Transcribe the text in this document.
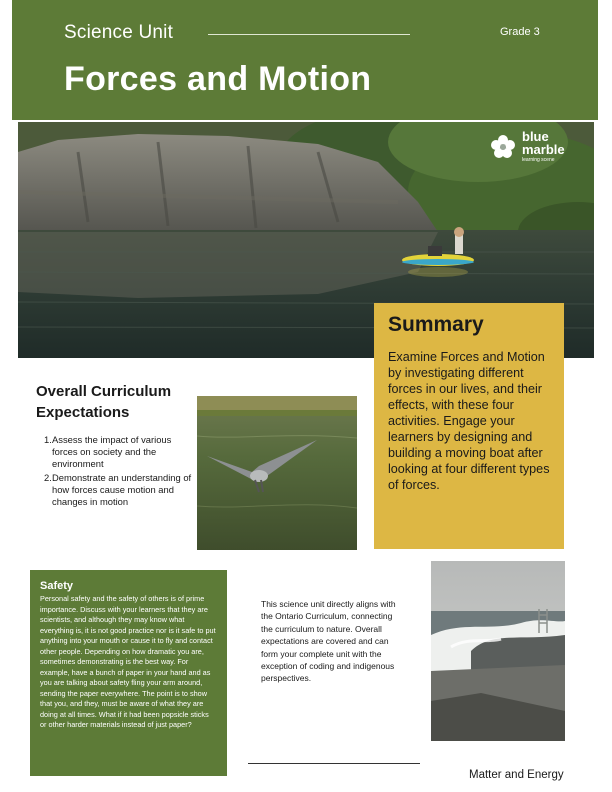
Science Unit	Grade 3
Forces and Motion
blue
marble
learning scene
Summary

Examine Forces and Motion by investigating different forces in our lives, and their effects, with these four activities. Engage your learners by designing and building a moving boat after looking at four different types of forces.

Overall Curriculum Expectations
1. Assess the impact of various forces on society and the environment
2. Demonstrate an understanding of how forces cause motion and changes in motion
Safety

Personal safety and the safety of others is of prime importance. Discuss with your learners that they are scientists, and although they may know what everything is, it is not good practice nor is it safe to put anything into your mouth or cause it to fly and contact other people. Depending on how dramatic you are, sometimes demonstrating is the best way. For example, have a bunch of paper in your hand and as you are talking about safety fling your arm around, sending the paper everywhere. The point is to show that you, and they, must be aware of what they are doing at all times. What if it had been popsicle sticks or other harder materials instead of just paper?

This science unit directly aligns with the Ontario Curriculum, connecting the curriculum to nature. Overall expectations are covered and can form your complete unit with the exception of coding and indigenous perspectives.
Matter and Energy
